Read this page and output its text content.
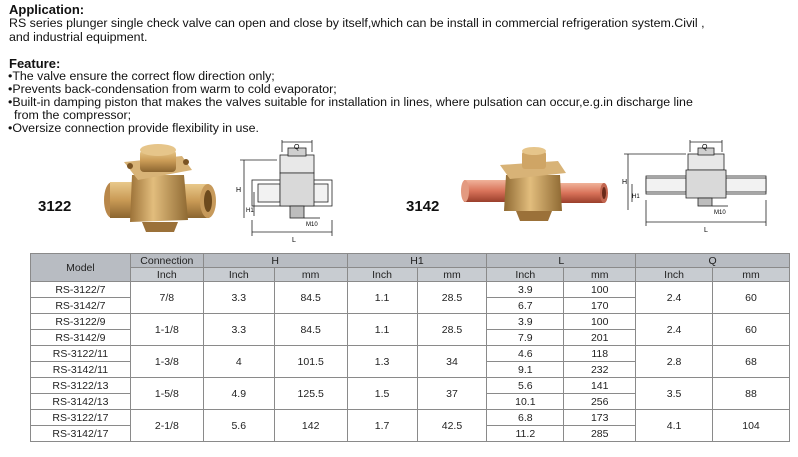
Application:
RS series plunger single check valve can open and close by itself,which can be install in commercial refrigeration system.Civil ,
and industrial equipment.
Feature:
•The valve ensure the correct flow direction only;
•Prevents back-condensation from warm to cold evaporator;
•Built-in damping piston that makes the valves suitable for installation in lines, where pulsation can occur,e.g.in discharge line
from the compressor;
•Oversize connection provide flexibility in use.
3122	3142
Q
H
H1
M10
L
Q
H
H1
M10
L
Model	Connection	H		H1		L		Q	
	Inch	Inch	mm	Inch	mm	Inch	mm	Inch	mm
RS-3122/7	7/8	3.3	84.5	1.1	28.5	3.9	100	2.4	60
RS-3142/7						6.7	170		
RS-3122/9	1-1/8	3.3	84.5	1.1	28.5	3.9	100	2.4	60
RS-3142/9						7.9	201		
RS-3122/11	1-3/8	4	101.5	1.3	34	4.6	118	2.8	68
RS-3142/11						9.1	232		
RS-3122/13	1-5/8	4.9	125.5	1.5	37	5.6	141	3.5	88
RS-3142/13						10.1	256		
RS-3122/17	2-1/8	5.6	142	1.7	42.5	6.8	173	4.1	104
RS-3142/17						11.2	285		
